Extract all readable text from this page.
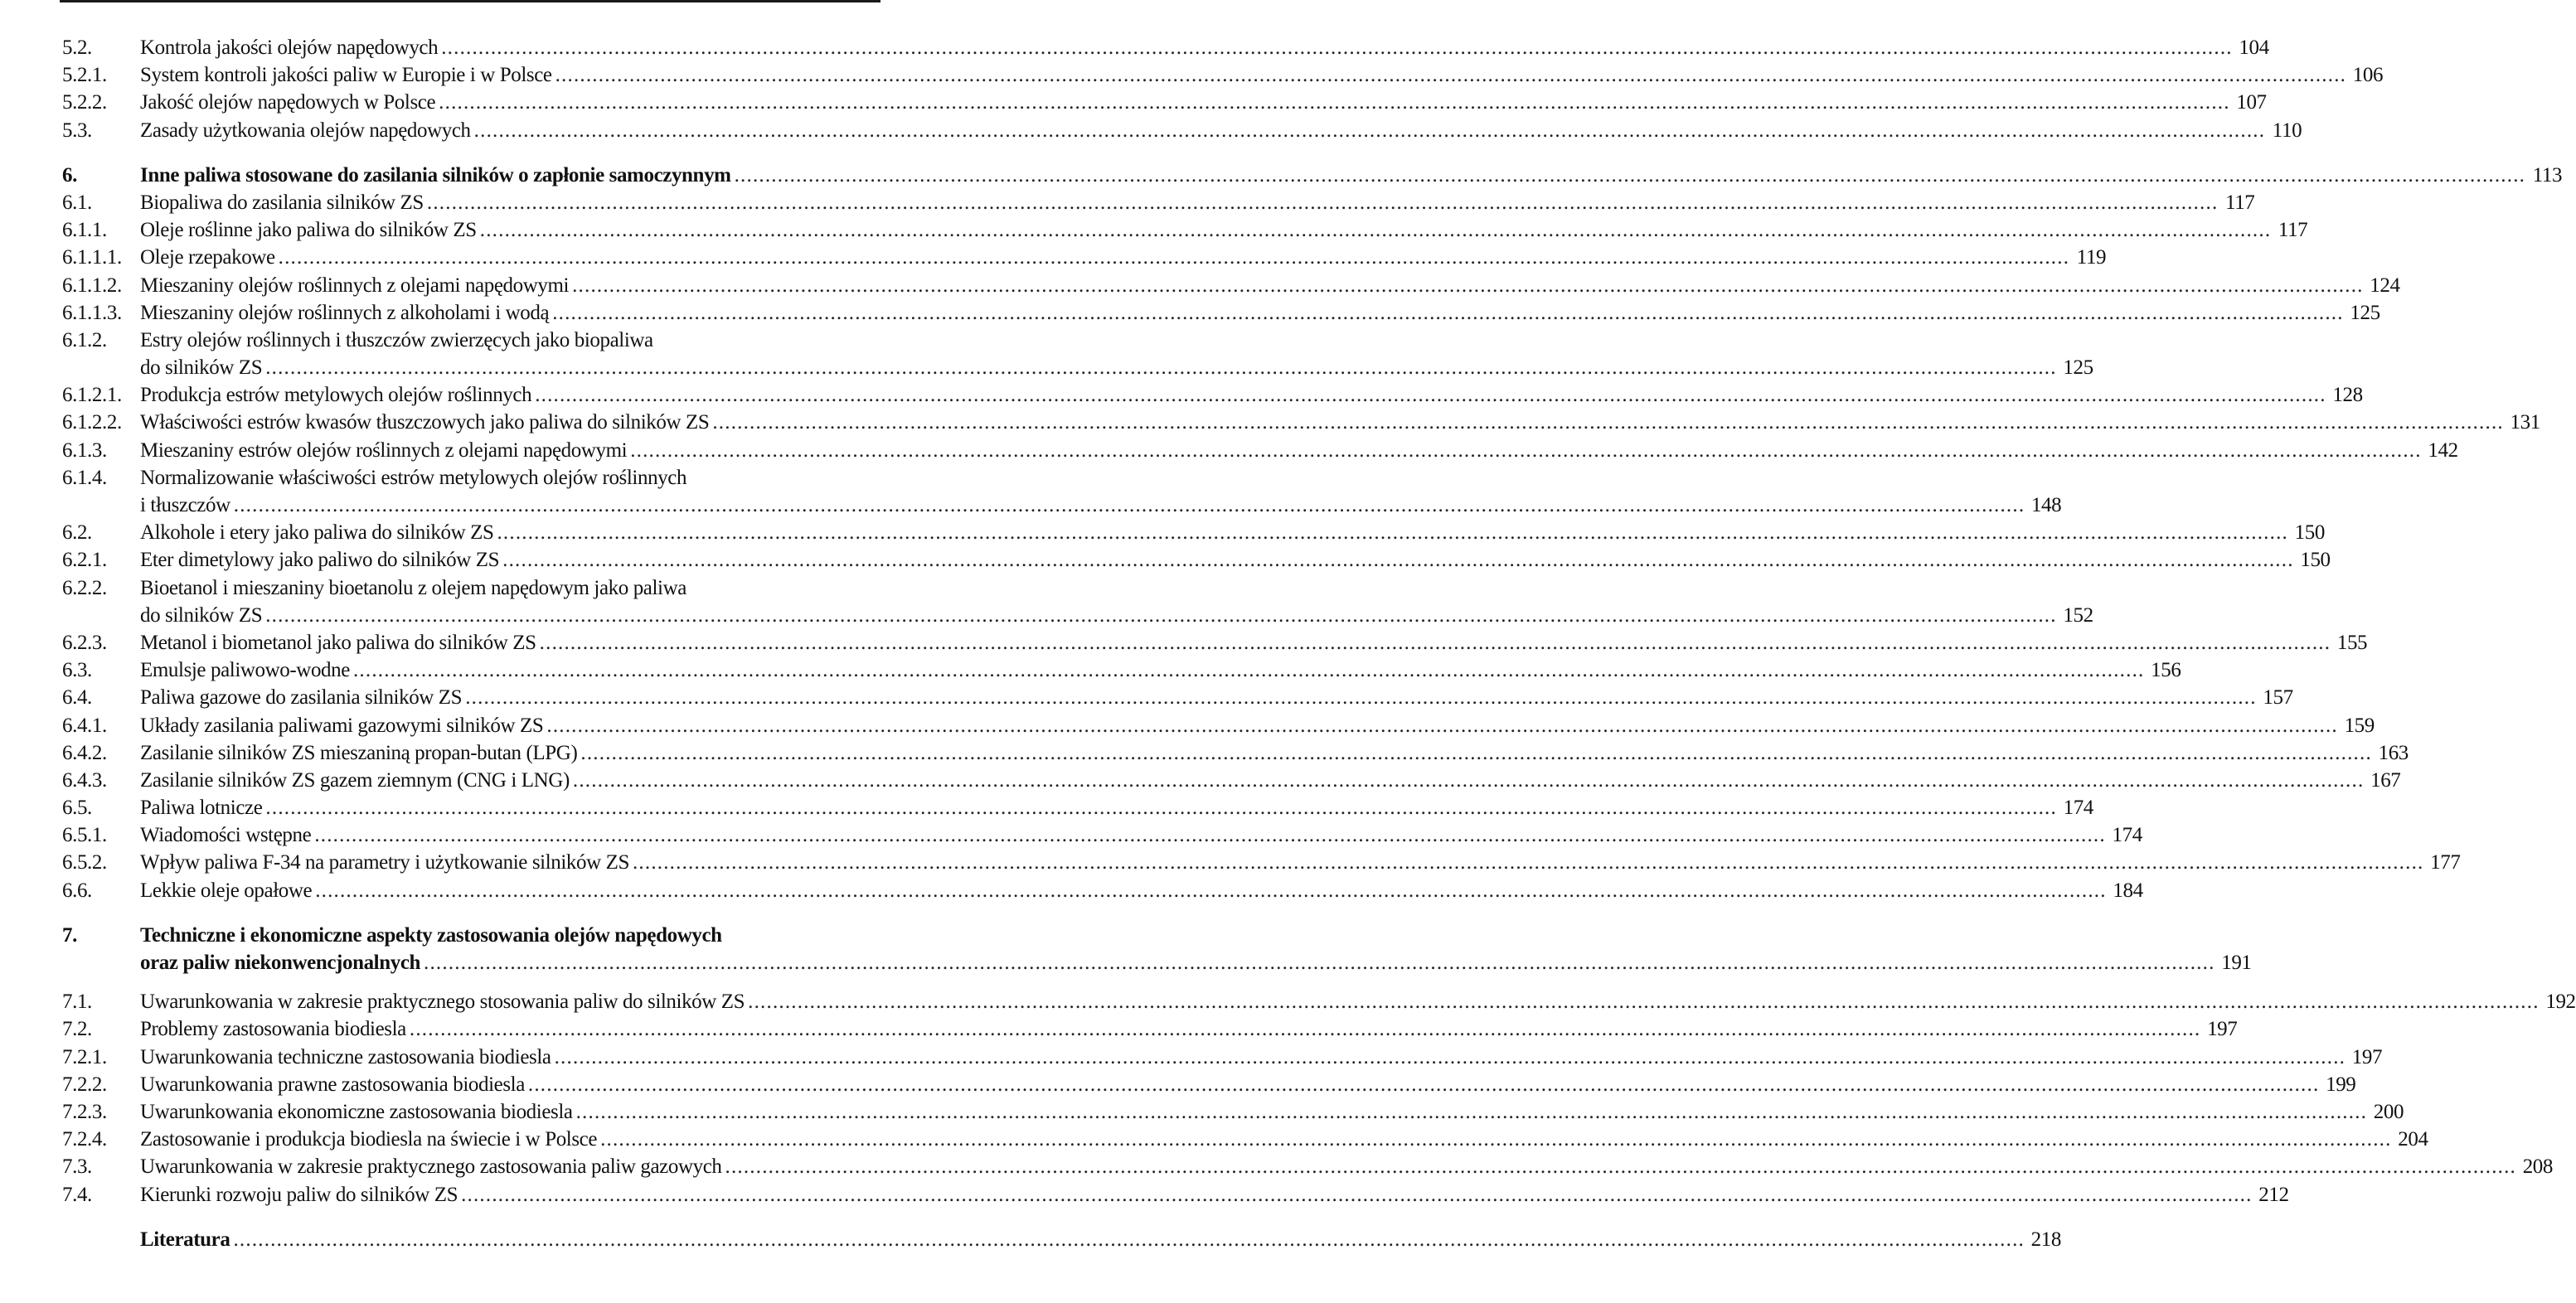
5.2.	Kontrola jakości olejów napędowych .....	104
5.2.1.	System kontroli jakości paliw w Europie i w Polsce .....	106
5.2.2.	Jakość olejów napędowych w Polsce .....	107
5.3.	Zasady użytkowania olejów napędowych .....	110
6.	Inne paliwa stosowane do zasilania silników o zapłonie samoczynnym .....	113
6.1.	Biopaliwa do zasilania silników ZS .....	117
6.1.1.	Oleje roślinne jako paliwa do silników ZS .....	117
6.1.1.1. Oleje rzepakowe .....	119
6.1.1.2. Mieszaniny olejów roślinnych z olejami napędowymi .....	124
6.1.1.3. Mieszaniny olejów roślinnych z alkoholami i wodą .....	125
6.1.2.	Estry olejów roślinnych i tłuszczów zwierzęcych jako biopaliwa
do silników ZS .....	125
6.1.2.1. Produkcja estrów metylowych olejów roślinnych .....	128
6.1.2.2. Właściwości estrów kwasów tłuszczowych jako paliwa do silników ZS .....	131
6.1.3.	Mieszaniny estrów olejów roślinnych z olejami napędowymi .....	142
6.1.4.	Normalizowanie właściwości estrów metylowych olejów roślinnych
i tłuszczów .....	148
6.2.	Alkohole i etery jako paliwa do silników ZS .....	150
6.2.1.	Eter dimetylowy jako paliwo do silników ZS .....	150
6.2.2.	Bioetanol i mieszaniny bioetanolu z olejem napędowym jako paliwa
do silników ZS .....	152
6.2.3.	Metanol i biometanol jako paliwa do silników ZS .....	155
6.3.	Emulsje paliwowo-wodne .....	156
6.4.	Paliwa gazowe do zasilania silników ZS .....	157
6.4.1.	Układy zasilania paliwami gazowymi silników ZS .....	159
6.4.2.	Zasilanie silników ZS mieszaniną propan-butan (LPG) .....	163
6.4.3.	Zasilanie silników ZS gazem ziemnym (CNG i LNG) .....	167
6.5.	Paliwa lotnicze .....	174
6.5.1.	Wiadomości wstępne .....	174
6.5.2.	Wpływ paliwa F-34 na parametry i użytkowanie silników ZS .....	177
6.6.	Lekkie oleje opałowe .....	184
7.	Techniczne i ekonomiczne aspekty zastosowania olejów napędowych
oraz paliw niekonwencjonalnych .....	191
7.1.	Uwarunkowania w zakresie praktycznego stosowania paliw do silników ZS .....	192
7.2.	Problemy zastosowania biodiesla .....	197
7.2.1.	Uwarunkowania techniczne zastosowania biodiesla .....	197
7.2.2.	Uwarunkowania prawne zastosowania biodiesla .....	199
7.2.3.	Uwarunkowania ekonomiczne zastosowania biodiesla .....	200
7.2.4.	Zastosowanie i produkcja biodiesla na świecie i w Polsce .....	204
7.3.	Uwarunkowania w zakresie praktycznego zastosowania paliw gazowych .....	208
7.4.	Kierunki rozwoju paliw do silników ZS .....	212
Literatura .....	218
